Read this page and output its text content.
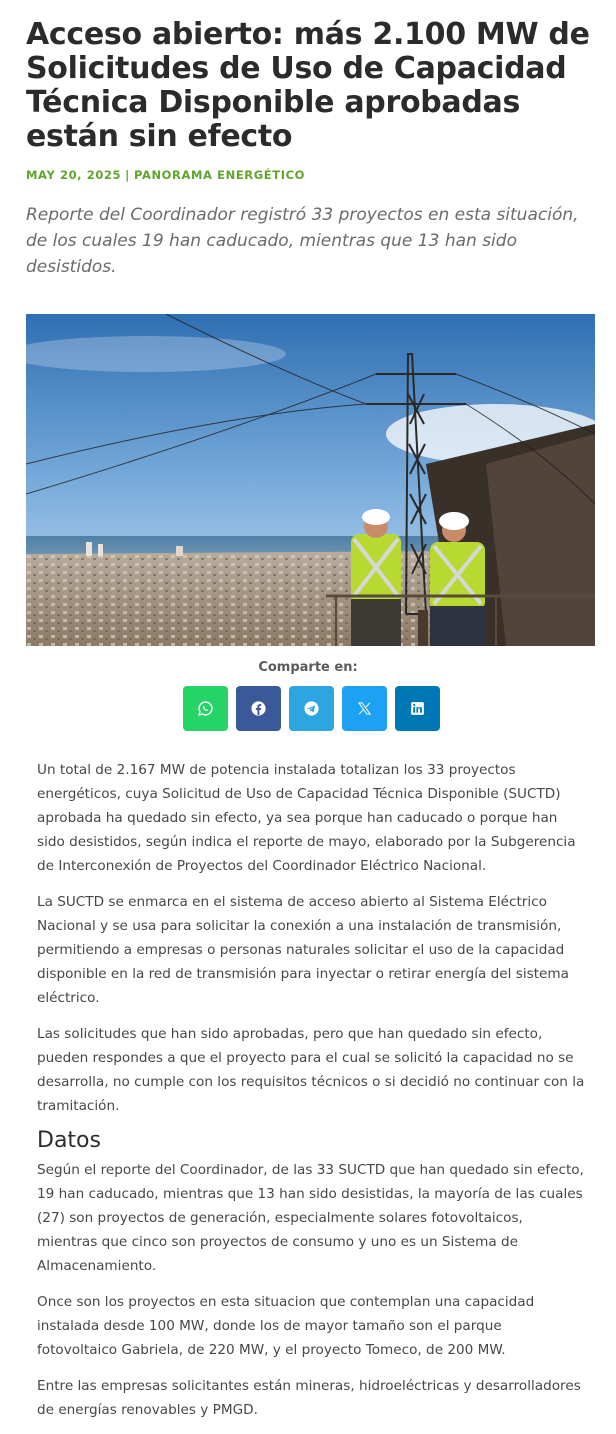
Acceso abierto: más 2.100 MW de Solicitudes de Uso de Capacidad Técnica Disponible aprobadas están sin efecto
MAY 20, 2025 | PANORAMA ENERGÉTICO
Reporte del Coordinador registró 33 proyectos en esta situación, de los cuales 19 han caducado, mientras que 13 han sido desistidos.
Comparte en:

Un total de 2.167 MW de potencia instalada totalizan los 33 proyectos energéticos, cuya Solicitud de Uso de Capacidad Técnica Disponible (SUCTD) aprobada ha quedado sin efecto, ya sea porque han caducado o porque han sido desistidos, según indica el reporte de mayo, elaborado por la Subgerencia de Interconexión de Proyectos del Coordinador Eléctrico Nacional.

La SUCTD se enmarca en el sistema de acceso abierto al Sistema Eléctrico Nacional y se usa para solicitar la conexión a una instalación de transmisión, permitiendo a empresas o personas naturales solicitar el uso de la capacidad disponible en la red de transmisión para inyectar o retirar energía del sistema eléctrico.

Las solicitudes que han sido aprobadas, pero que han quedado sin efecto, pueden respondes a que el proyecto para el cual se solicitó la capacidad no se desarrolla, no cumple con los requisitos técnicos o si decidió no continuar con la tramitación.

Datos

Según el reporte del Coordinador, de las 33 SUCTD que han quedado sin efecto, 19 han caducado, mientras que 13 han sido desistidas, la mayoría de las cuales (27) son proyectos de generación, especialmente solares fotovoltaicos, mientras que cinco son proyectos de consumo y uno es un Sistema de Almacenamiento.

Once son los proyectos en esta situacion que contemplan una capacidad instalada desde 100 MW, donde los de mayor tamaño son el parque fotovoltaico Gabriela, de 220 MW, y el proyecto Tomeco, de 200 MW.

Entre las empresas solicitantes están mineras, hidroeléctricas y desarrolladores de energías renovables y PMGD.
